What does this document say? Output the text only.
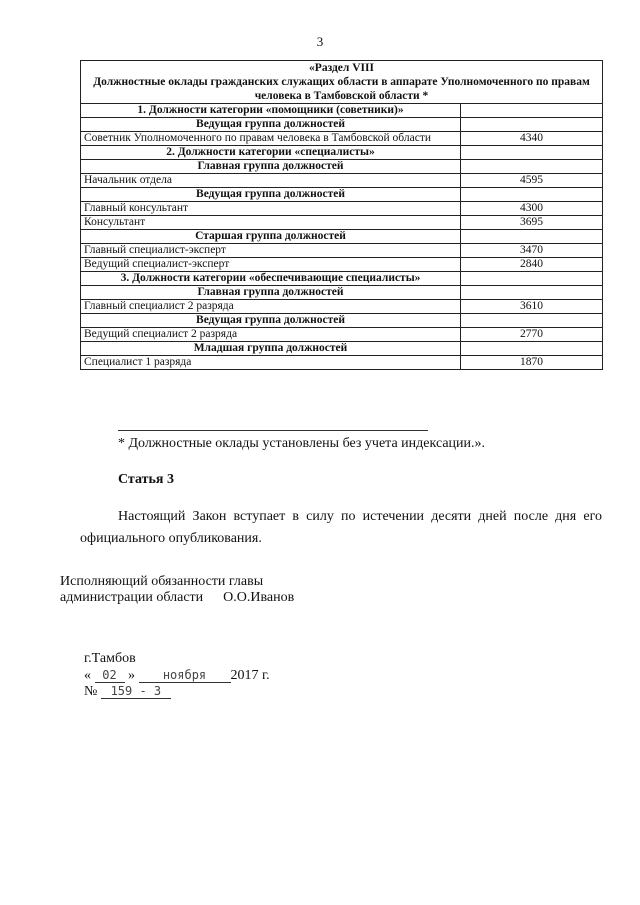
3
«Раздел VIII
Должностные оклады гражданских служащих области в аппарате Уполномоченного по правам человека в Тамбовской области *	

1. Должности категории «помощники (советники)»	
Ведущая группа должностей	
Советник Уполномоченного по правам человека в Тамбовской области	4340
2. Должности категории «специалисты»	
Главная группа должностей	
Начальник отдела	4595
Ведущая группа должностей	
Главный консультант	4300
Консультант	3695
Старшая группа должностей	
Главный специалист-эксперт	3470
Ведущий специалист-эксперт	2840
3. Должности категории «обеспечивающие специалисты»	
Главная группа должностей	
Главный специалист 2 разряда	3610
Ведущая группа должностей	
Ведущий специалист 2 разряда	2770
Младшая группа должностей	
Специалист 1 разряда	1870
* Должностные оклады установлены без учета индексации.».
Статья 3
Настоящий Закон вступает в силу по истечении десяти дней после дня его официального опубликования.
Исполняющий обязанности главы
администрации области О.О.Иванов
г.Тамбов
« 02 » ноября 2017 г.
№ 159 - 3
